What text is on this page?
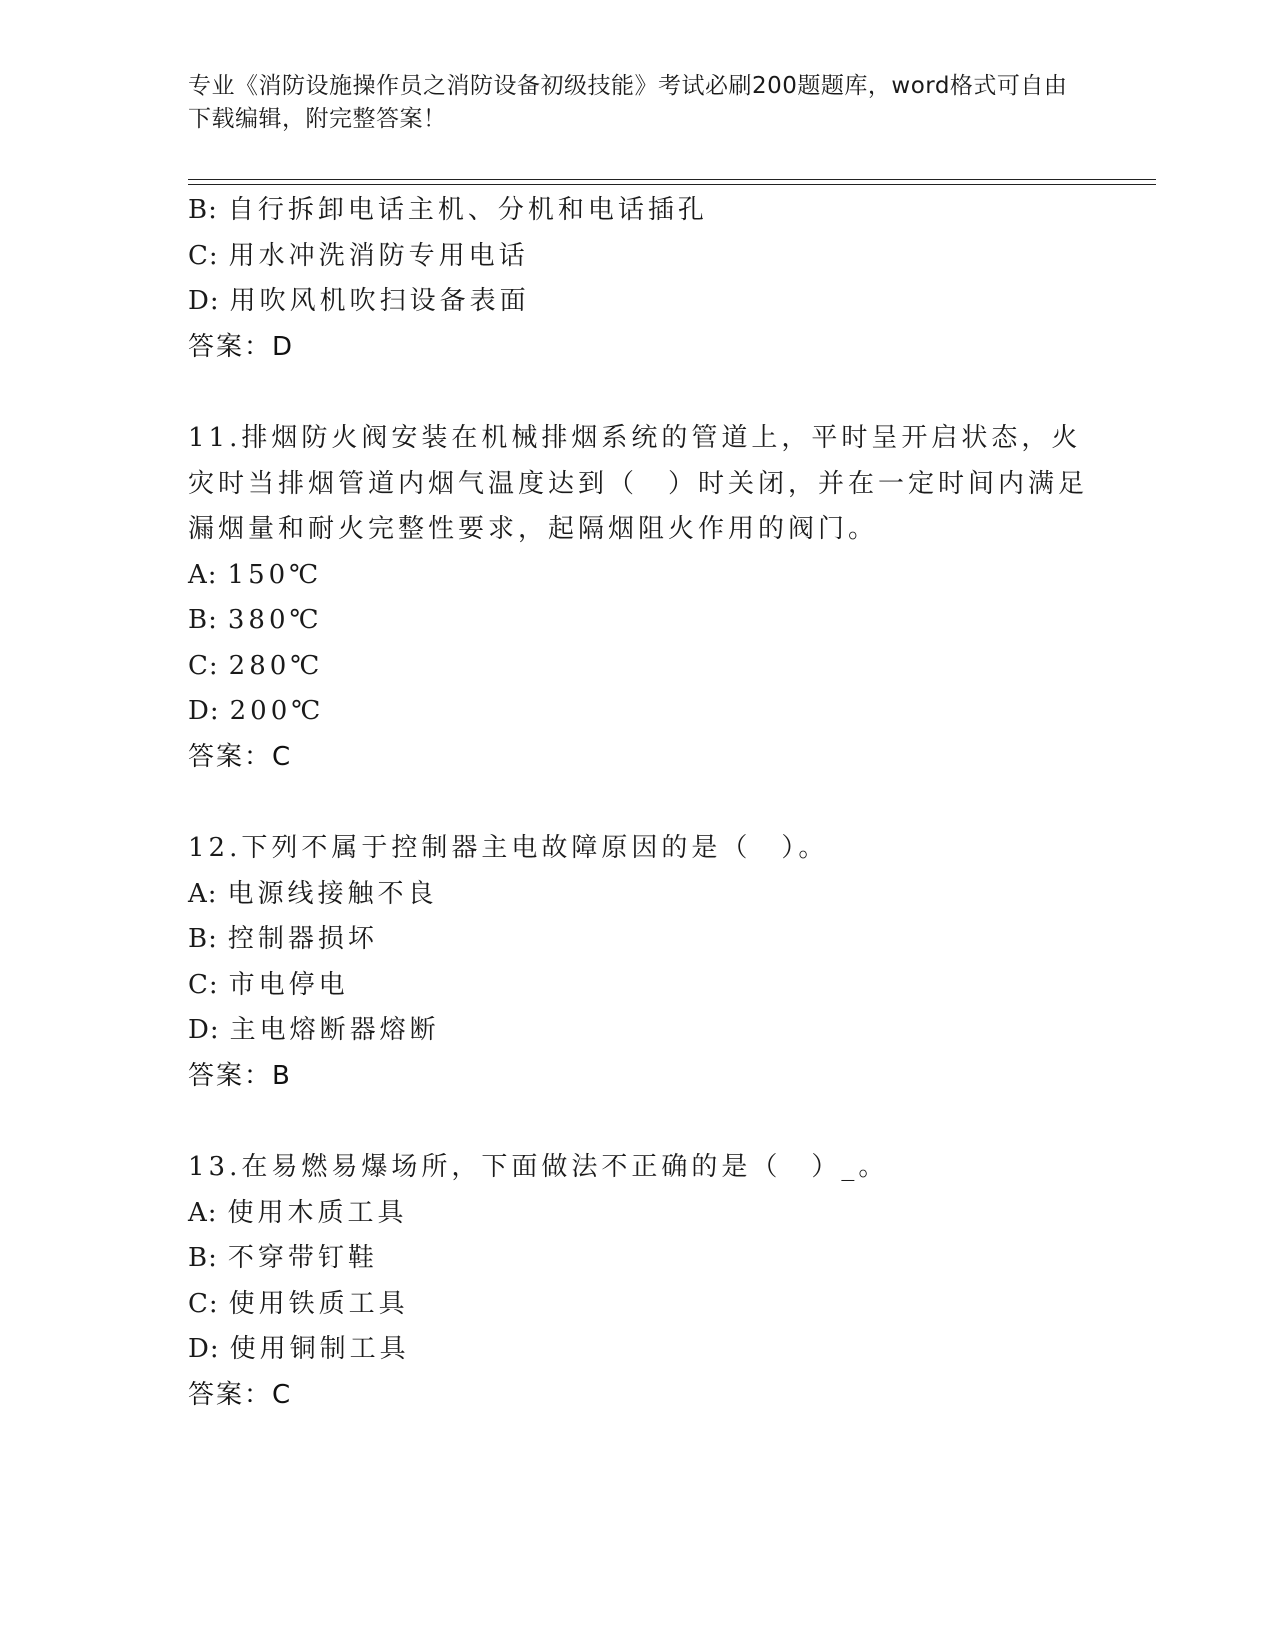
专业《消防设施操作员之消防设备初级技能》考试必刷200题题库，word格式可自由下载编辑，附完整答案！
B: 自行拆卸电话主机、分机和电话插孔
C: 用水冲洗消防专用电话
D: 用吹风机吹扫设备表面
答案：D
11.排烟防火阀安装在机械排烟系统的管道上，平时呈开启状态，火灾时当排烟管道内烟气温度达到（　）时关闭，并在一定时间内满足漏烟量和耐火完整性要求，起隔烟阻火作用的阀门。
A: 150℃
B: 380℃
C: 280℃
D: 200℃
答案：C
12.下列不属于控制器主电故障原因的是（　）。
A: 电源线接触不良
B: 控制器损坏
C: 市电停电
D: 主电熔断器熔断
答案：B
13.在易燃易爆场所，下面做法不正确的是（　）_。
A: 使用木质工具
B: 不穿带钉鞋
C: 使用铁质工具
D: 使用铜制工具
答案：C
